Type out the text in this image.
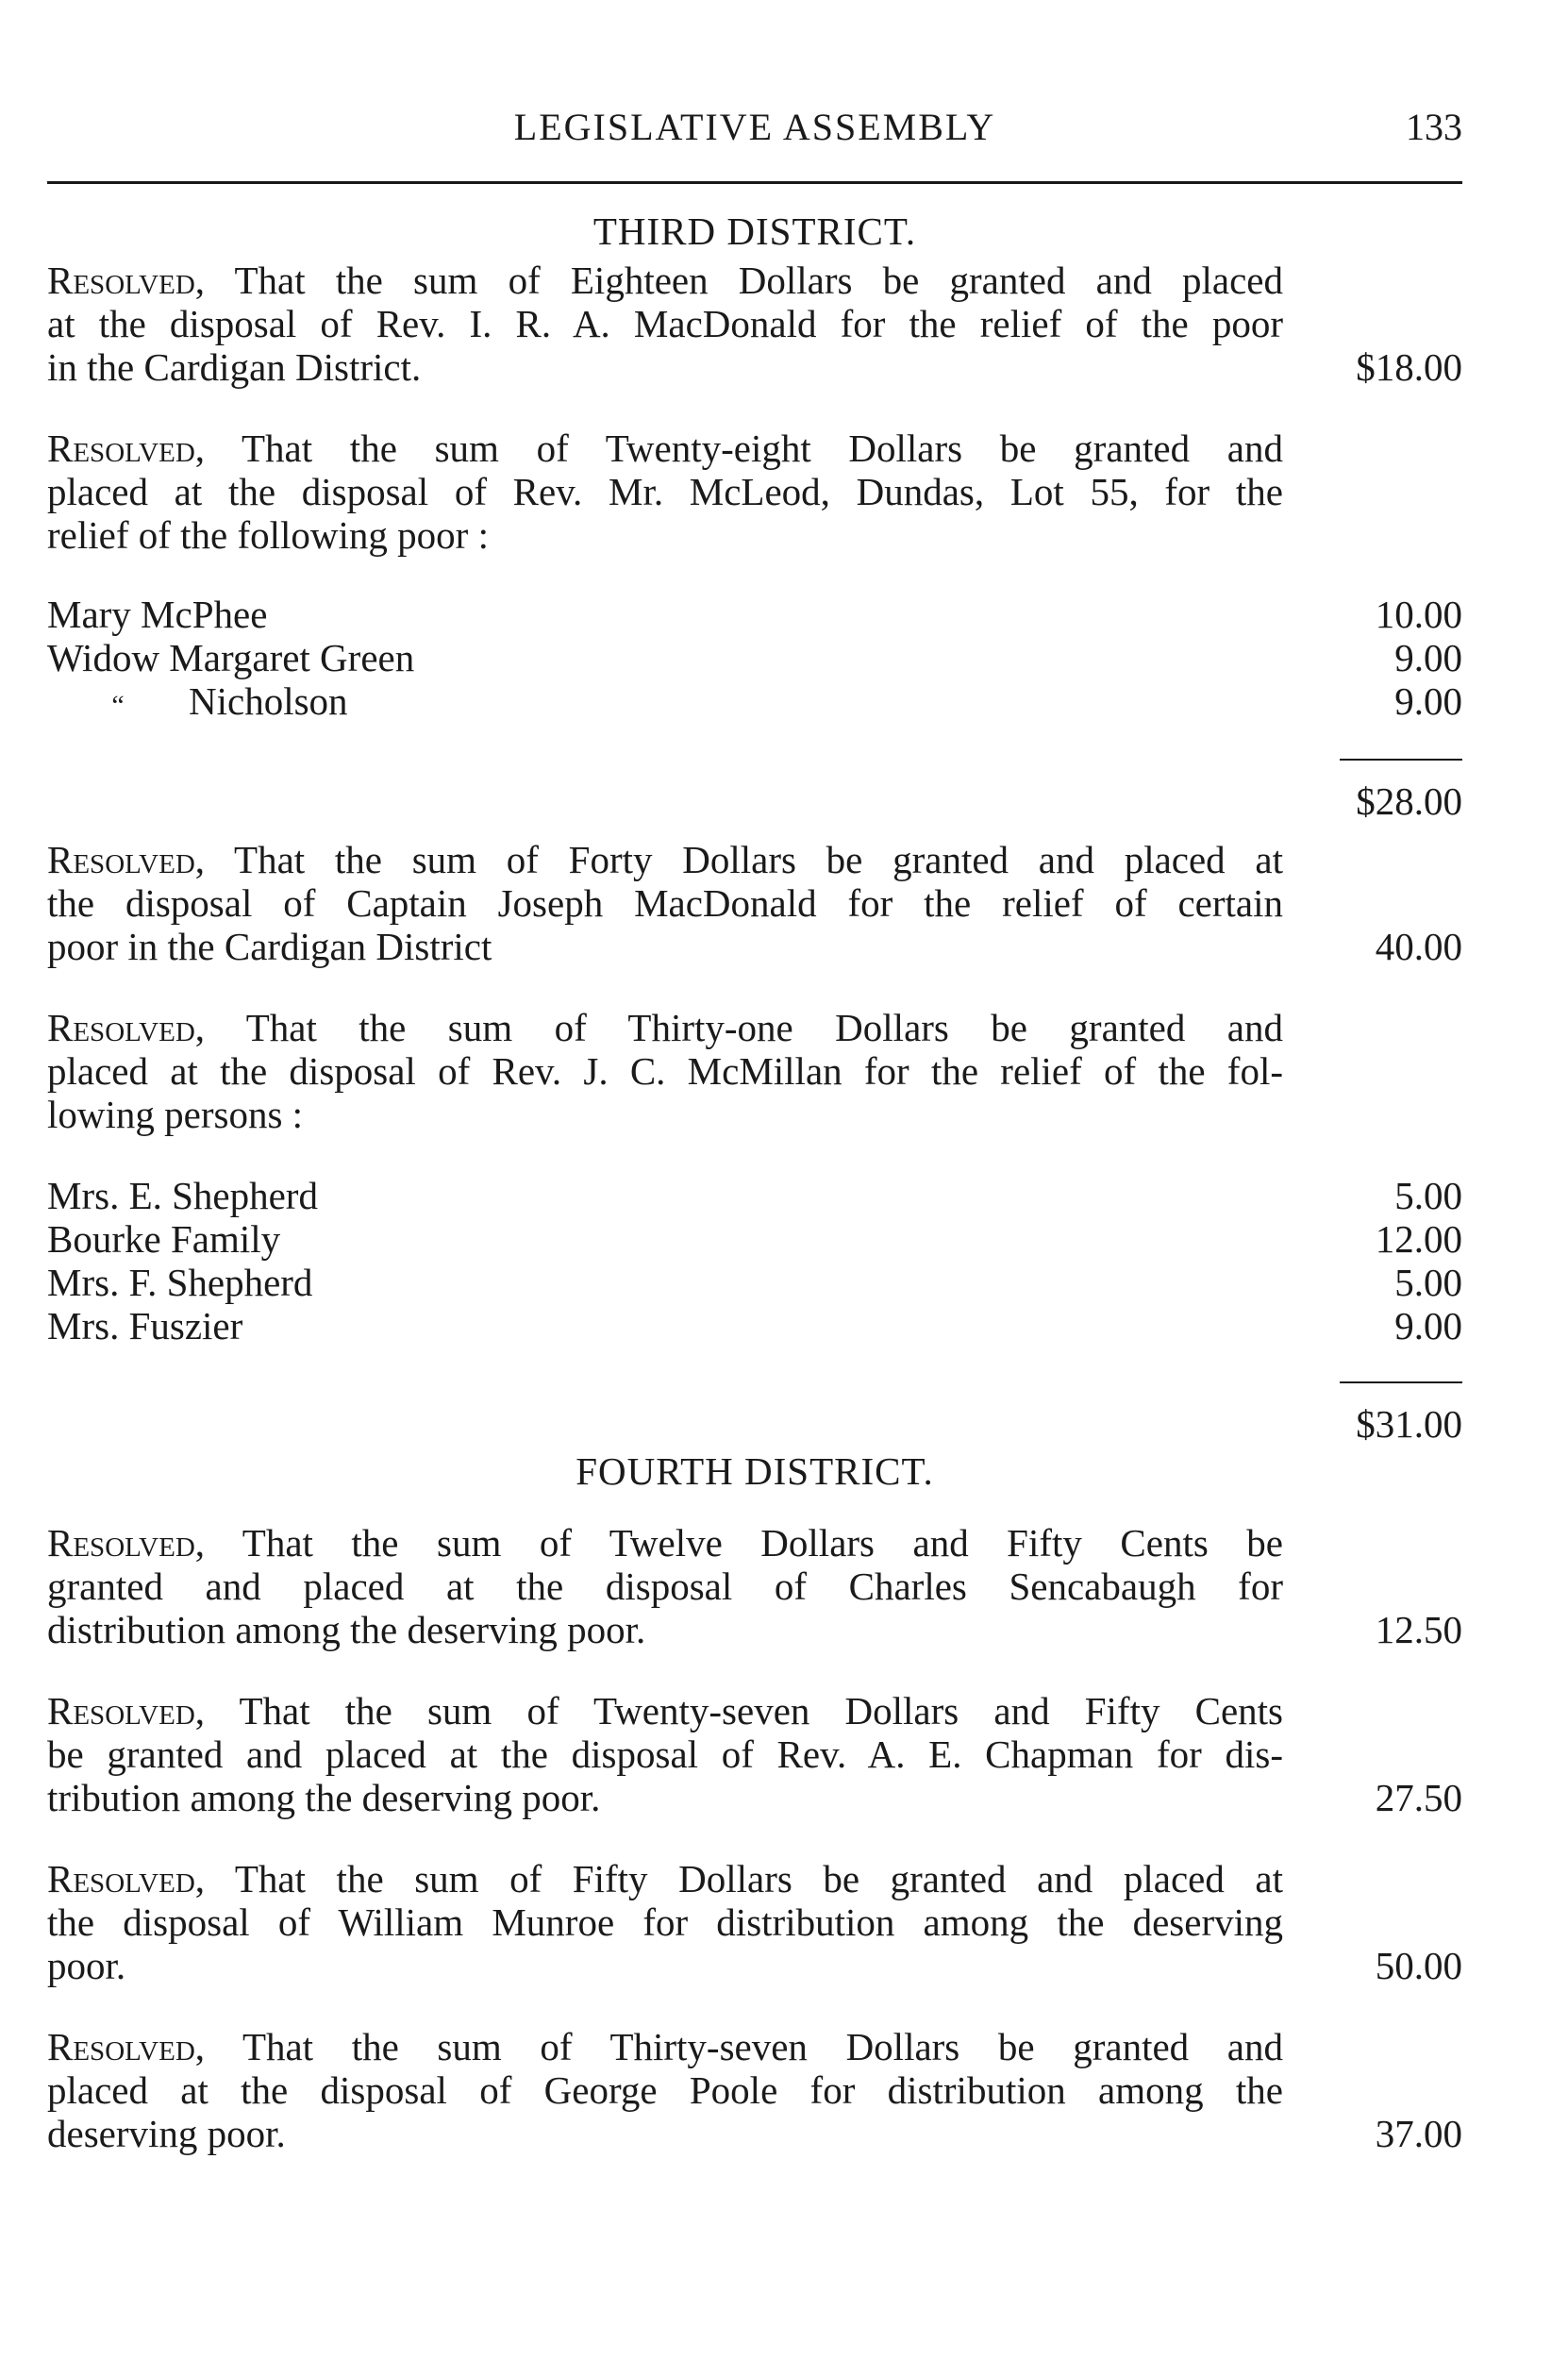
LEGISLATIVE ASSEMBLY	133
THIRD DISTRICT.
Resolved, That the sum of Eighteen Dollars be granted and placed
at the disposal of Rev. I. R. A. MacDonald for the relief of the poor
in the Cardigan District.	$18.00
Resolved, That the sum of Twenty-eight Dollars be granted and
placed at the disposal of Rev. Mr. McLeod, Dundas, Lot 55, for the
relief of the following poor :
Mary McPhee	10.00
Widow Margaret Green	9.00
“ Nicholson	9.00
$28.00
Resolved, That the sum of Forty Dollars be granted and placed at
the disposal of Captain Joseph MacDonald for the relief of certain
poor in the Cardigan District	40.00
Resolved, That the sum of Thirty-one Dollars be granted and
placed at the disposal of Rev. J. C. McMillan for the relief of the fol-
lowing persons :
Mrs. E. Shepherd	5.00
Bourke Family	12.00
Mrs. F. Shepherd	5.00
Mrs. Fuszier	9.00
$31.00
FOURTH DISTRICT.
Resolved, That the sum of Twelve Dollars and Fifty Cents be
granted and placed at the disposal of Charles Sencabaugh for
distribution among the deserving poor.	12.50
Resolved, That the sum of Twenty-seven Dollars and Fifty Cents
be granted and placed at the disposal of Rev. A. E. Chapman for dis-
tribution among the deserving poor.	27.50
Resolved, That the sum of Fifty Dollars be granted and placed at
the disposal of William Munroe for distribution among the deserving
poor.	50.00
Resolved, That the sum of Thirty-seven Dollars be granted and
placed at the disposal of George Poole for distribution among the
deserving poor.	37.00
